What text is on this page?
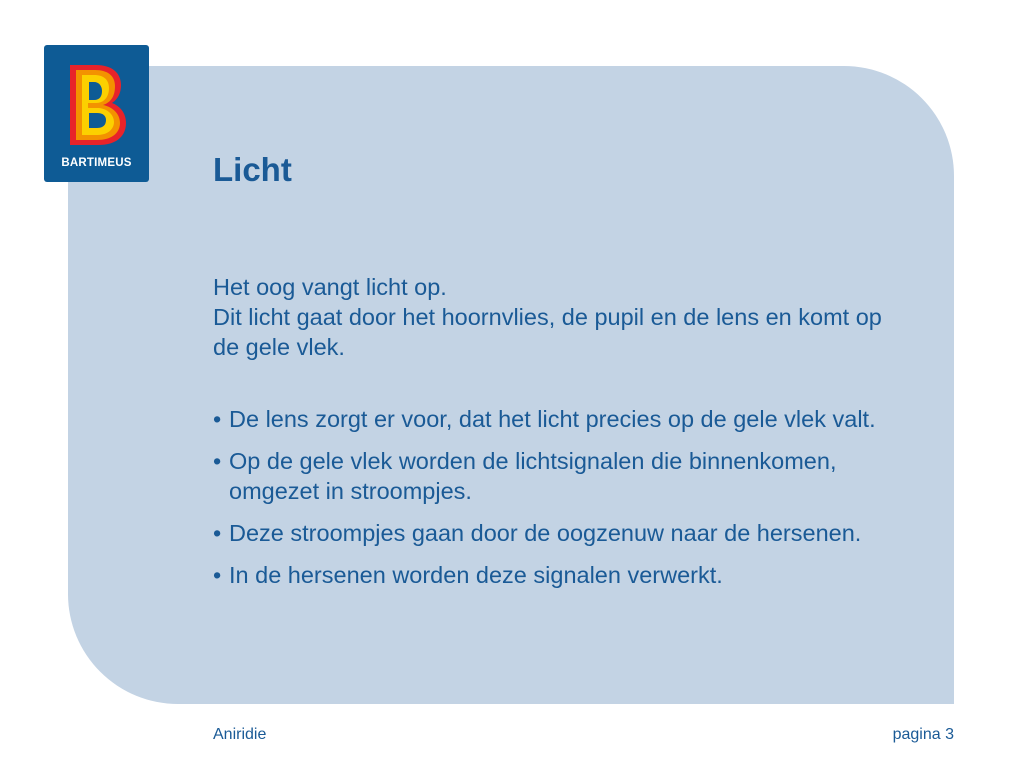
BARTIMEUS	Licht

Het oog vangt licht op.

Dit licht gaat door het hoornvlies, de pupil en de lens en komt op de gele vlek.

• De lens zorgt er voor, dat het licht precies op de gele vlek valt.
• Op de gele vlek worden de lichtsignalen die binnenkomen, omgezet in stroompjes.
• Deze stroompjes gaan door de oogzenuw naar de hersenen.
• In de hersenen worden deze signalen verwerkt.
Aniridie	pagina 3
